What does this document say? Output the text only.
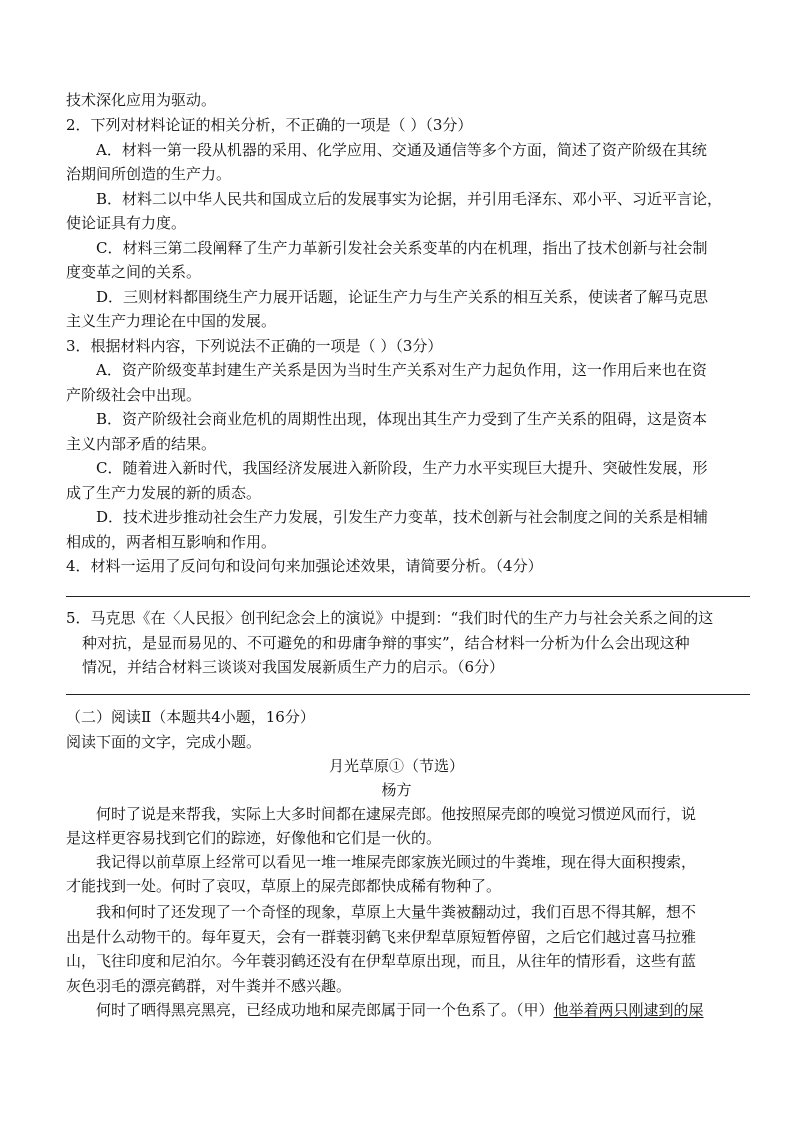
技术深化应用为驱动。
2．下列对材料论证的相关分析，不正确的一项是（ ）（3分）
A．材料一第一段从机器的采用、化学应用、交通及通信等多个方面，简述了资产阶级在其统
治期间所创造的生产力。
B．材料二以中华人民共和国成立后的发展事实为论据，并引用毛泽东、邓小平、习近平言论，
使论证具有力度。
C．材料三第二段阐释了生产力革新引发社会关系变革的内在机理，指出了技术创新与社会制
度变革之间的关系。
D．三则材料都围绕生产力展开话题，论证生产力与生产关系的相互关系，使读者了解马克思
主义生产力理论在中国的发展。
3．根据材料内容，下列说法不正确的一项是（ ）（3分）
A．资产阶级变革封建生产关系是因为当时生产关系对生产力起负作用，这一作用后来也在资
产阶级社会中出现。
B．资产阶级社会商业危机的周期性出现，体现出其生产力受到了生产关系的阻碍，这是资本
主义内部矛盾的结果。
C．随着进入新时代，我国经济发展进入新阶段，生产力水平实现巨大提升、突破性发展，形
成了生产力发展的新的质态。
D．技术进步推动社会生产力发展，引发生产力变革，技术创新与社会制度之间的关系是相辅
相成的，两者相互影响和作用。
4．材料一运用了反问句和设问句来加强论述效果，请简要分析。（4分）
5．马克思《在〈人民报〉创刊纪念会上的演说》中提到：“我们时代的生产力与社会关系之间的这
种对抗，是显而易见的、不可避免的和毋庸争辩的事实”，结合材料一分析为什么会出现这种
情况，并结合材料三谈谈对我国发展新质生产力的启示。（6分）
（二）阅读Ⅱ（本题共4小题，16分）
阅读下面的文字，完成小题。
月光草原①（节选）
杨方
何时了说是来帮我，实际上大多时间都在逮屎壳郎。他按照屎壳郎的嗅觉习惯逆风而行，说
是这样更容易找到它们的踪迹，好像他和它们是一伙的。
我记得以前草原上经常可以看见一堆一堆屎壳郎家族光顾过的牛粪堆，现在得大面积搜索，
才能找到一处。何时了哀叹，草原上的屎壳郎都快成稀有物种了。
我和何时了还发现了一个奇怪的现象，草原上大量牛粪被翻动过，我们百思不得其解，想不
出是什么动物干的。每年夏天，会有一群蓑羽鹤飞来伊犁草原短暂停留，之后它们越过喜马拉雅
山，飞往印度和尼泊尔。今年蓑羽鹤还没有在伊犁草原出现，而且，从往年的情形看，这些有蓝
灰色羽毛的漂亮鹤群，对牛粪并不感兴趣。
何时了晒得黑亮黑亮，已经成功地和屎壳郎属于同一个色系了。（甲）他举着两只刚逮到的屎
